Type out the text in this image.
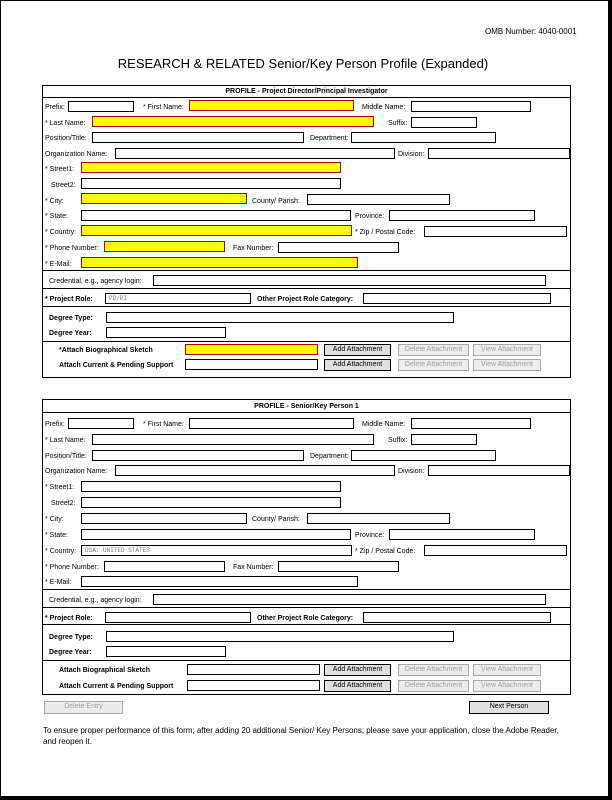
OMB Number: 4040-0001
RESEARCH & RELATED Senior/Key Person Profile (Expanded)
PROFILE - Project Director/Principal Investigator
Prefix:	* First Name:	Middle Name:
* Last Name:	Suffix:
Position/Title:	Department:
Organization Name:	Division:
* Street1:
Street2:
* City:	County/ Parish:
* State:	Province:
* Country:	* Zip / Postal Code:
* Phone Number:	Fax Number:
* E-Mail:
Credential, e.g., agency login:
* Project Role:	PD/PI	Other Project Role Category:
Degree Type:
Degree Year:
*Attach Biographical Sketch	Add Attachment	Delete Attachment	View Attachment
Attach Current & Pending Support	Add Attachment	Delete Attachment	View Attachment
PROFILE - Senior/Key Person 1
Prefix:	* First Name:	Middle Name:
* Last Name:	Suffix:
Position/Title:	Department:
Organization Name:	Division:
* Street1:
Street2:
* City:	County/ Parish:
* State:	Province:
* Country:	USA: UNITED STATES	* Zip / Postal Code:
* Phone Number:	Fax Number:
* E-Mail:
Credential, e.g., agency login:
* Project Role:	Other Project Role Category:
Degree Type:
Degree Year:
Attach Biographical Sketch	Add Attachment	Delete Attachment	View Attachment
Attach Current & Pending Support	Add Attachment	Delete Attachment	View Attachment
Delete Entry	Next Person
To ensure proper performance of this form; after adding 20 additional Senior/ Key Persons; please save your application, close the Adobe Reader, and reopen it.
